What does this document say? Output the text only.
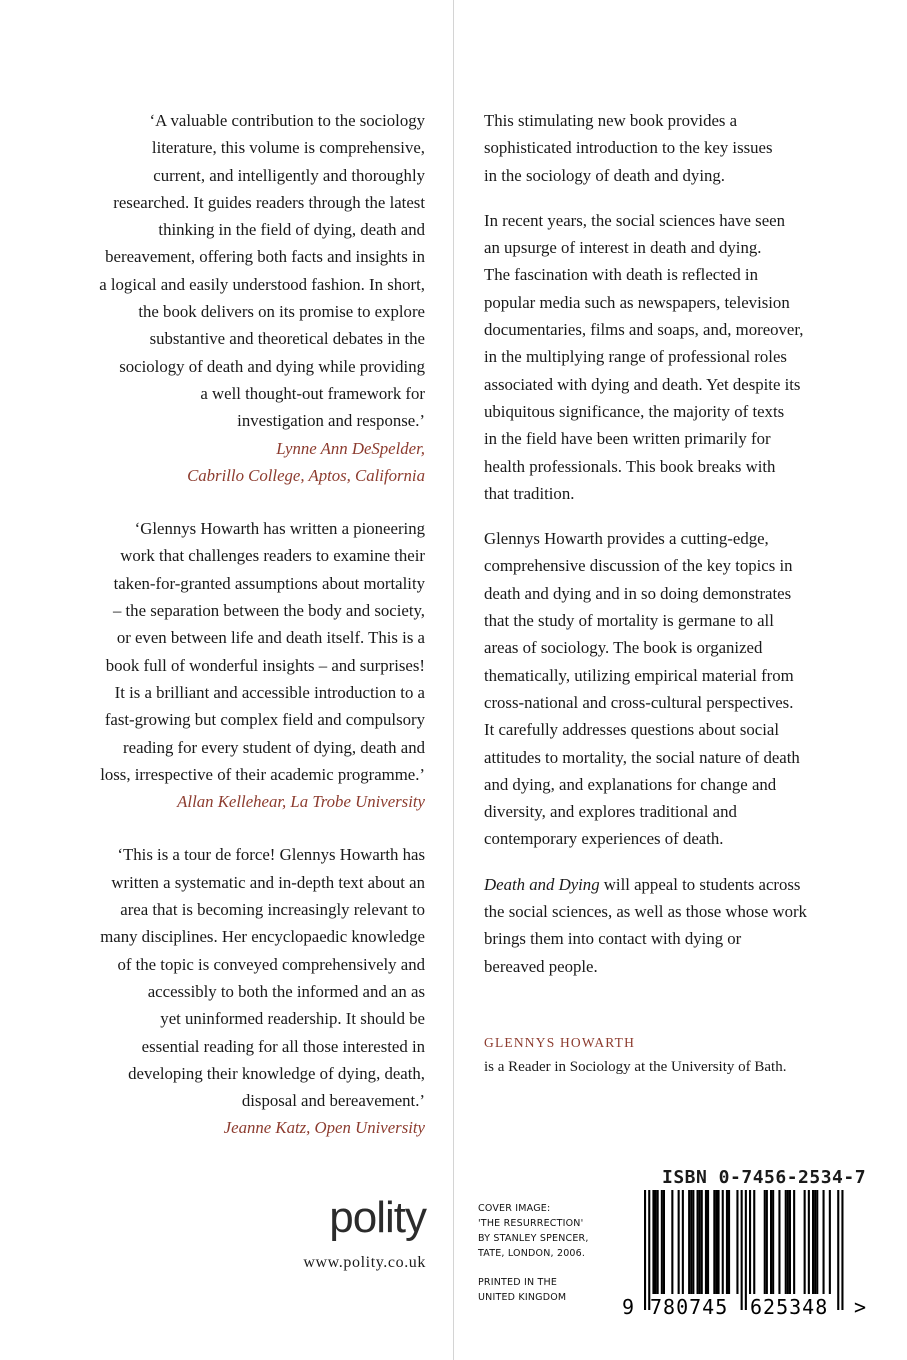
‘A valuable contribution to the sociology
literature, this volume is comprehensive,
current, and intelligently and thoroughly
researched. It guides readers through the latest
thinking in the field of dying, death and
bereavement, offering both facts and insights in
a logical and easily understood fashion. In short,
the book delivers on its promise to explore
substantive and theoretical debates in the
sociology of death and dying while providing
a well thought-out framework for
investigation and response.’
Lynne Ann DeSpelder,
Cabrillo College, Aptos, California
‘Glennys Howarth has written a pioneering
work that challenges readers to examine their
taken-for-granted assumptions about mortality
– the separation between the body and society,
or even between life and death itself. This is a
book full of wonderful insights – and surprises!
It is a brilliant and accessible introduction to a
fast-growing but complex field and compulsory
reading for every student of dying, death and
loss, irrespective of their academic programme.’
Allan Kellehear, La Trobe University
‘This is a tour de force! Glennys Howarth has
written a systematic and in-depth text about an
area that is becoming increasingly relevant to
many disciplines. Her encyclopaedic knowledge
of the topic is conveyed comprehensively and
accessibly to both the informed and an as
yet uninformed readership. It should be
essential reading for all those interested in
developing their knowledge of dying, death,
disposal and bereavement.’
Jeanne Katz, Open University
This stimulating new book provides a
sophisticated introduction to the key issues
in the sociology of death and dying.
In recent years, the social sciences have seen
an upsurge of interest in death and dying.
The fascination with death is reflected in
popular media such as newspapers, television
documentaries, films and soaps, and, moreover,
in the multiplying range of professional roles
associated with dying and death. Yet despite its
ubiquitous significance, the majority of texts
in the field have been written primarily for
health professionals. This book breaks with
that tradition.
Glennys Howarth provides a cutting-edge,
comprehensive discussion of the key topics in
death and dying and in so doing demonstrates
that the study of mortality is germane to all
areas of sociology. The book is organized
thematically, utilizing empirical material from
cross-national and cross-cultural perspectives.
It carefully addresses questions about social
attitudes to mortality, the social nature of death
and dying, and explanations for change and
diversity, and explores traditional and
contemporary experiences of death.
Death and Dying will appeal to students across
the social sciences, as well as those whose work
brings them into contact with dying or
bereaved people.
GLENNYS HOWARTH
is a Reader in Sociology at the University of Bath.
polity
www.polity.co.uk
COVER IMAGE:
'THE RESURRECTION'
BY STANLEY SPENCER,
TATE, LONDON, 2006.
PRINTED IN THE
UNITED KINGDOM
ISBN 0-7456-2534-7
9 780745 625348 >
